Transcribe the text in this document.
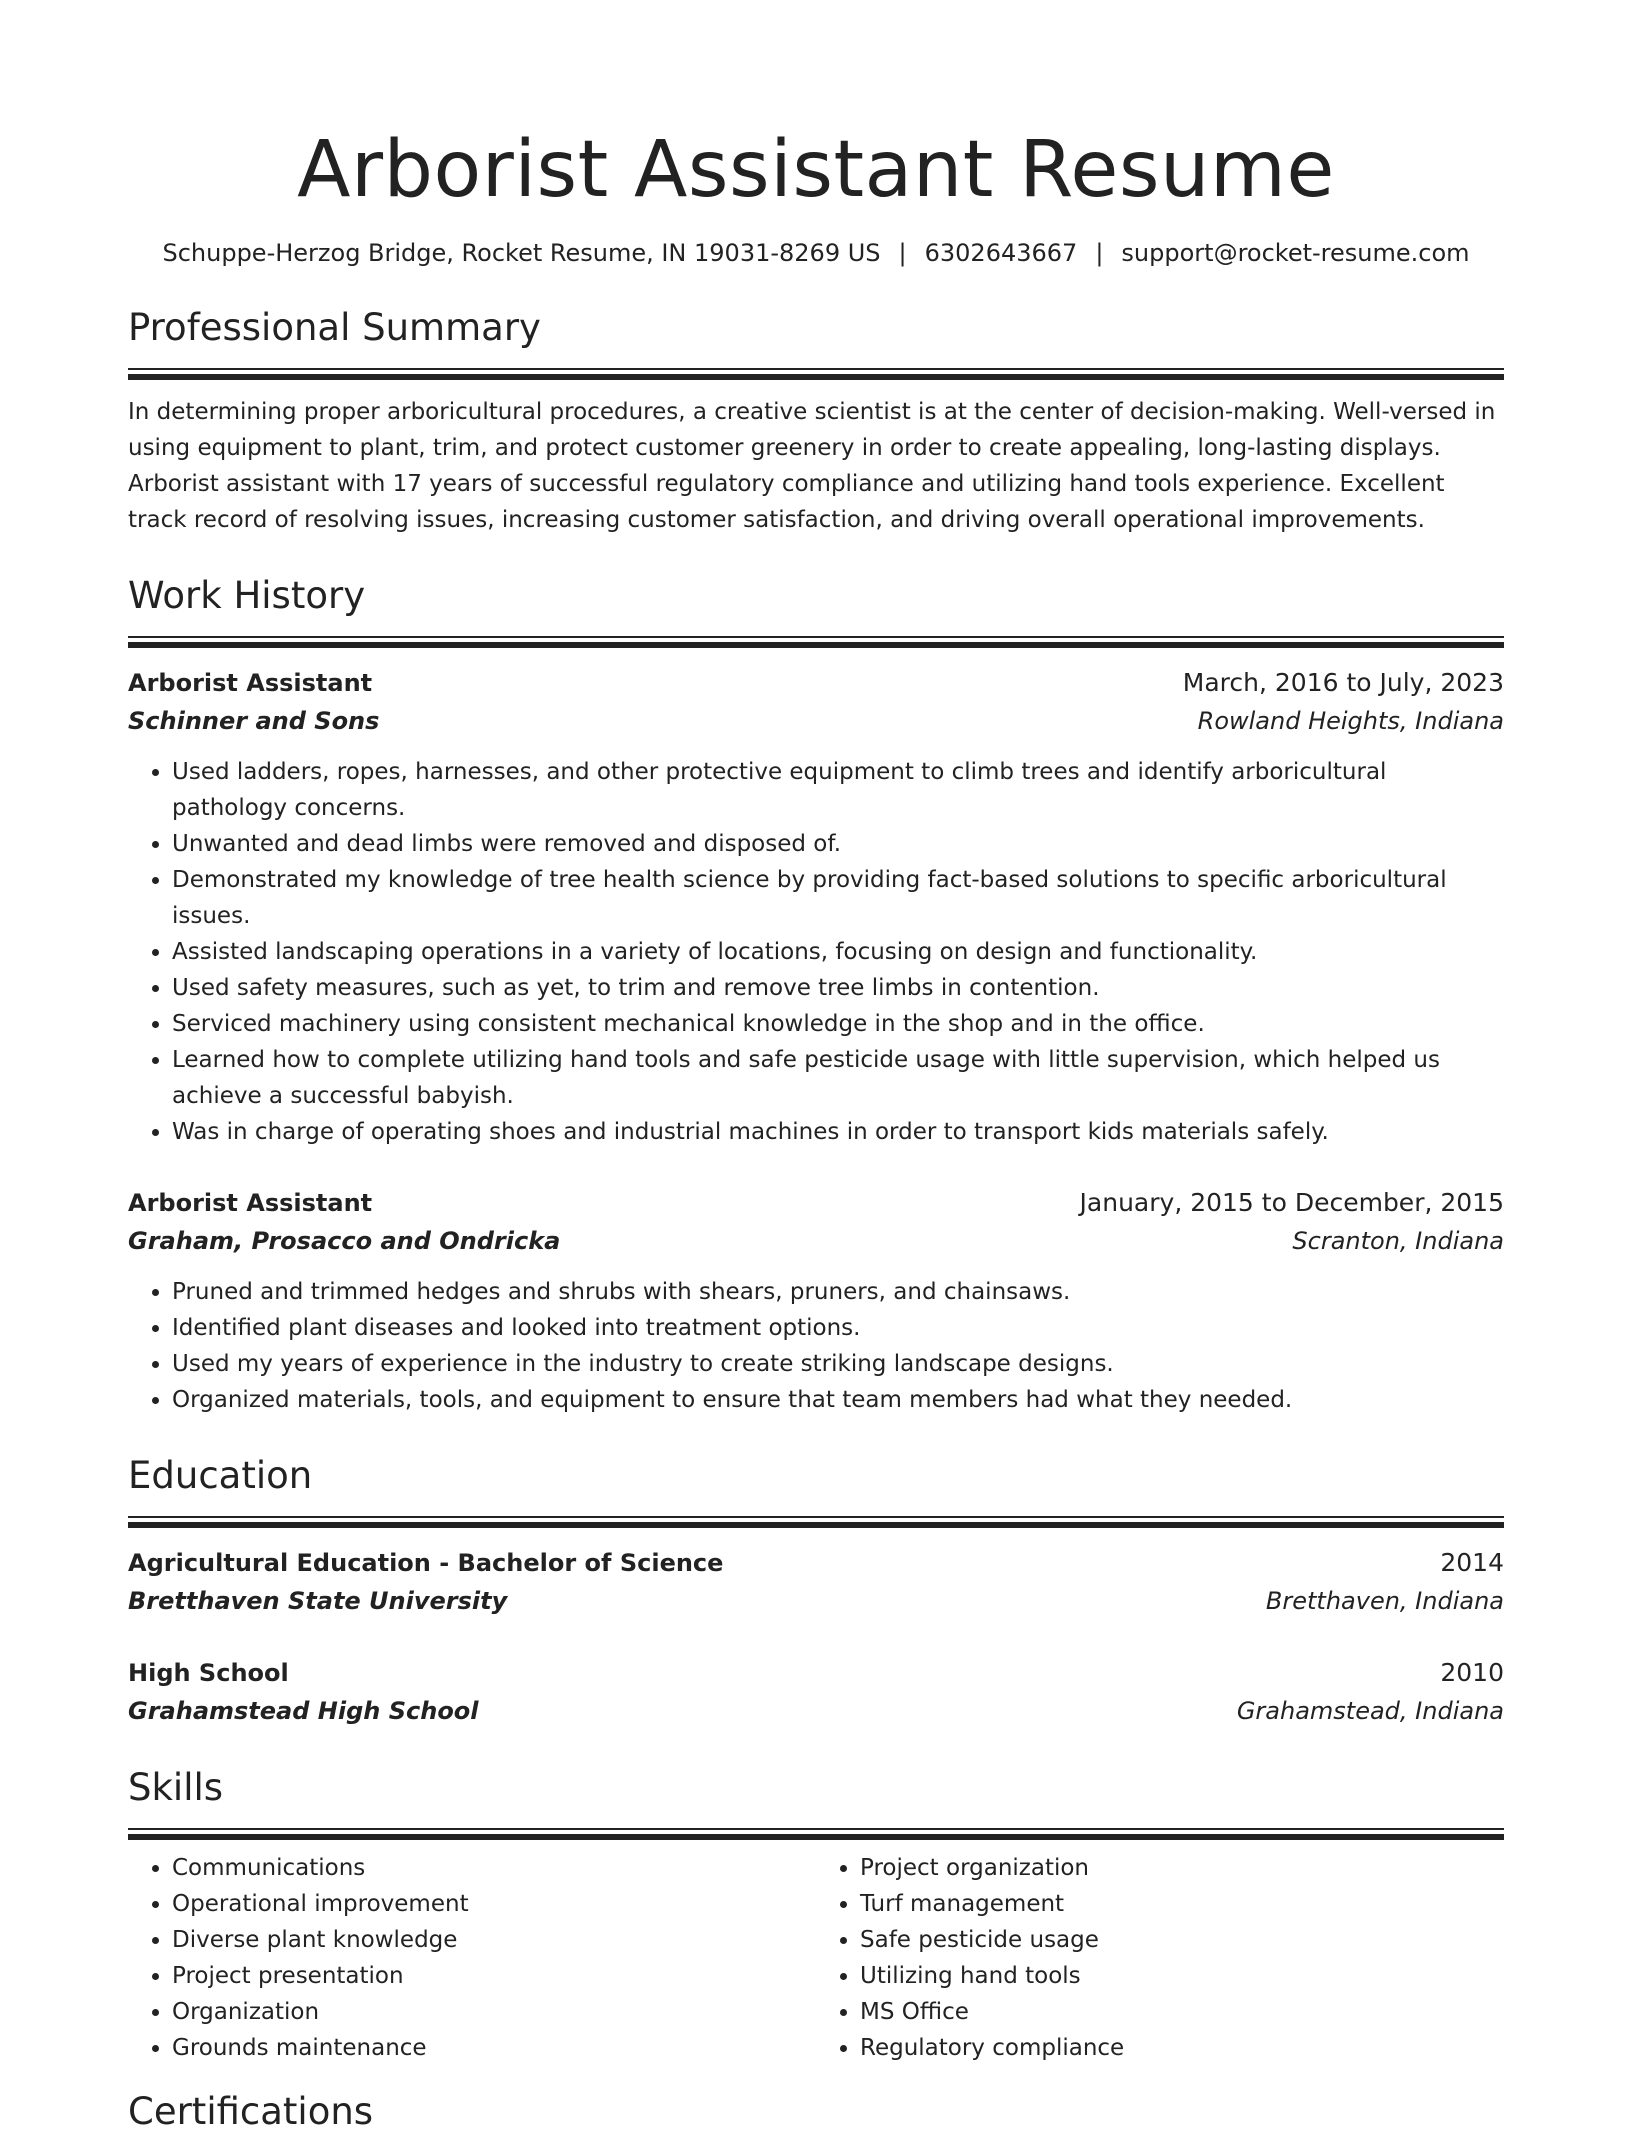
Arborist Assistant Resume
Schuppe-Herzog Bridge, Rocket Resume, IN 19031-8269 US | 6302643667 | support@rocket-resume.com
Professional Summary
In determining proper arboricultural procedures, a creative scientist is at the center of decision-making. Well-versed in using equipment to plant, trim, and protect customer greenery in order to create appealing, long-lasting displays. Arborist assistant with 17 years of successful regulatory compliance and utilizing hand tools experience. Excellent track record of resolving issues, increasing customer satisfaction, and driving overall operational improvements.
Work History
Arborist Assistant	March, 2016 to July, 2023
Schinner and Sons	Rowland Heights, Indiana
• Used ladders, ropes, harnesses, and other protective equipment to climb trees and identify arboricultural pathology concerns.
• Unwanted and dead limbs were removed and disposed of.
• Demonstrated my knowledge of tree health science by providing fact-based solutions to specific arboricultural issues.
• Assisted landscaping operations in a variety of locations, focusing on design and functionality.
• Used safety measures, such as yet, to trim and remove tree limbs in contention.
• Serviced machinery using consistent mechanical knowledge in the shop and in the office.
• Learned how to complete utilizing hand tools and safe pesticide usage with little supervision, which helped us achieve a successful babyish.
• Was in charge of operating shoes and industrial machines in order to transport kids materials safely.
Arborist Assistant	January, 2015 to December, 2015
Graham, Prosacco and Ondricka	Scranton, Indiana
• Pruned and trimmed hedges and shrubs with shears, pruners, and chainsaws.
• Identified plant diseases and looked into treatment options.
• Used my years of experience in the industry to create striking landscape designs.
• Organized materials, tools, and equipment to ensure that team members had what they needed.
Education
Agricultural Education - Bachelor of Science	2014
Bretthaven State University	Bretthaven, Indiana
High School	2010
Grahamstead High School	Grahamstead, Indiana
Skills
• Communications
• Operational improvement
• Diverse plant knowledge
• Project presentation
• Organization
• Grounds maintenance
• Project organization
• Turf management
• Safe pesticide usage
• Utilizing hand tools
• MS Office
• Regulatory compliance
Certifications
